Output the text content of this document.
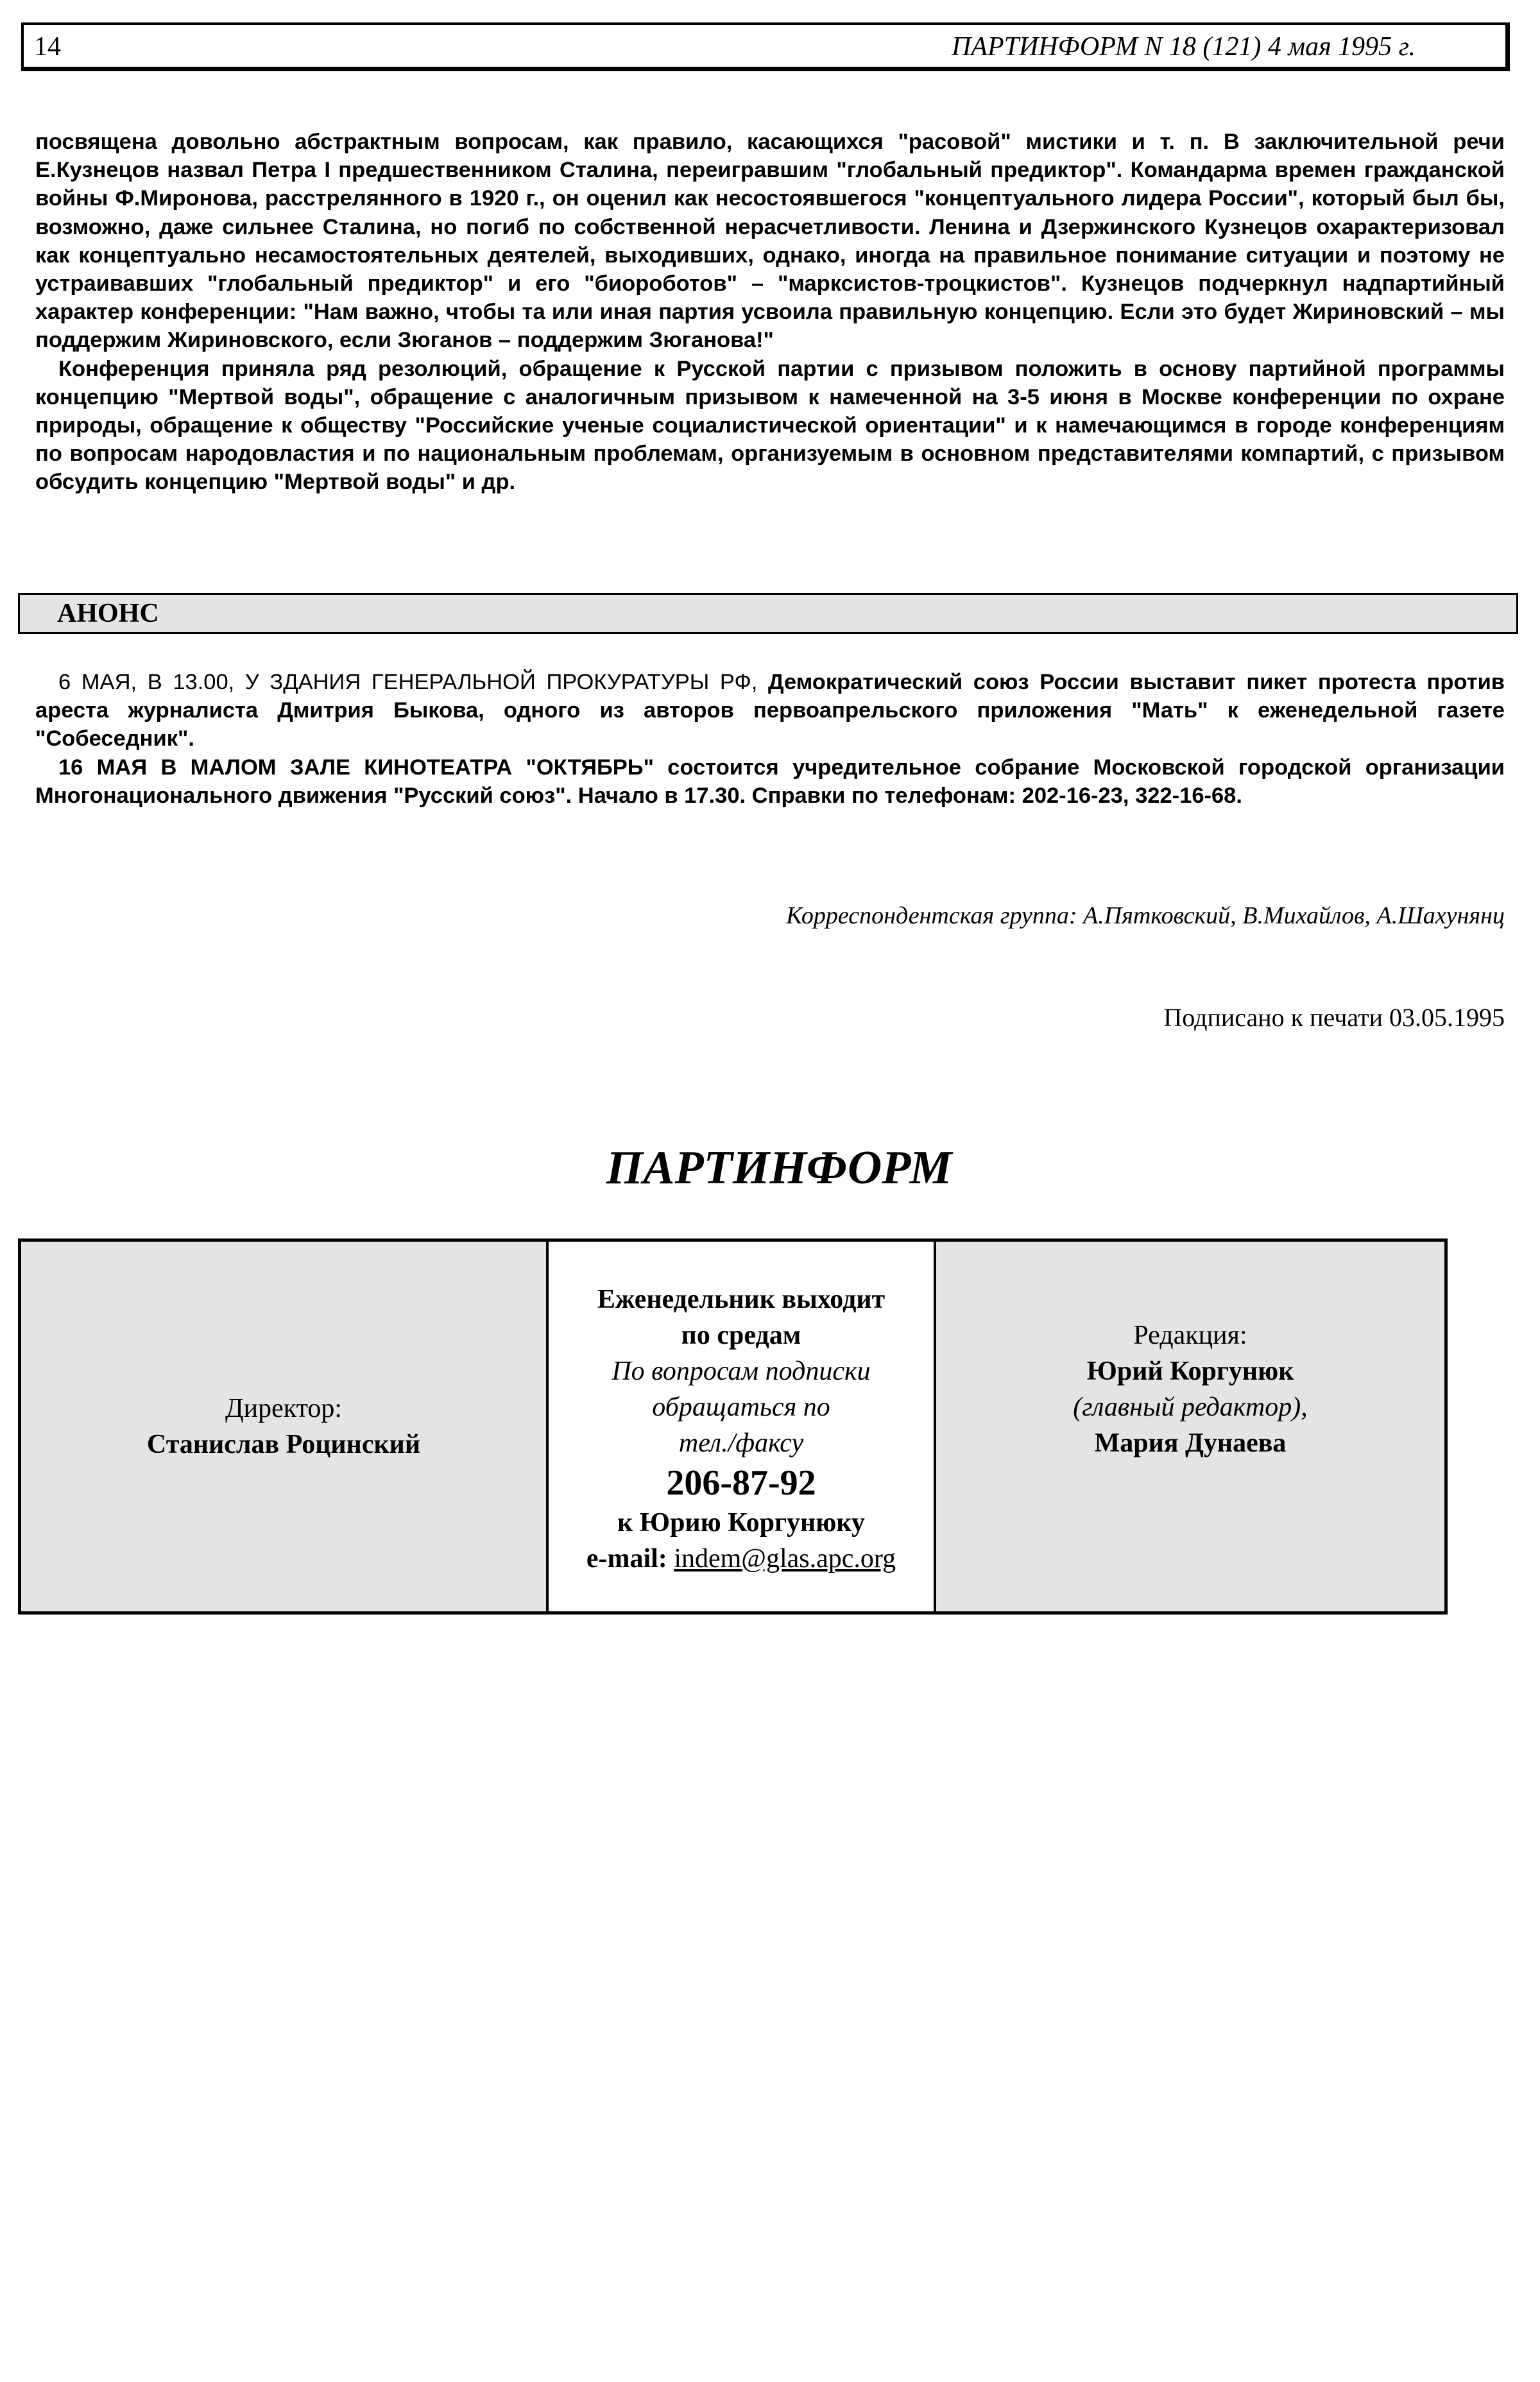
14	ПАРТИНФОРМ N 18 (121) 4 мая 1995 г.

посвящена довольно абстрактным вопросам, как правило, касающихся "расовой" мистики и т. п. В заключительной речи Е.Кузнецов назвал Петра I предшественником Сталина, переигравшим "глобальный предиктор". Командарма времен гражданской войны Ф.Миронова, расстрелянного в 1920 г., он оценил как несостоявшегося "концептуального лидера России", который был бы, возможно, даже сильнее Сталина, но погиб по собственной нерасчетливости. Ленина и Дзержинского Кузнецов охарактеризовал как концептуально несамостоятельных деятелей, выходивших, однако, иногда на правильное понимание ситуации и поэтому не устраивавших "глобальный предиктор" и его "биороботов" – "марксистов-троцкистов". Кузнецов подчеркнул надпартийный характер конференции: "Нам важно, чтобы та или иная партия усвоила правильную концепцию. Если это будет Жириновский – мы поддержим Жириновского, если Зюганов – поддержим Зюганова!"

Конференция приняла ряд резолюций, обращение к Русской партии с призывом положить в основу партийной программы концепцию "Мертвой воды", обращение с аналогичным призывом к намеченной на 3-5 июня в Москве конференции по охране природы, обращение к обществу "Российские ученые социалистической ориентации" и к намечающимся в городе конференциям по вопросам народовластия и по национальным проблемам, организуемым в основном представителями компартий, с призывом обсудить концепцию "Мертвой воды" и др.

АНОНС

6 МАЯ, В 13.00, У ЗДАНИЯ ГЕНЕРАЛЬНОЙ ПРОКУРАТУРЫ РФ, Демократический союз России выставит пикет протеста против ареста журналиста Дмитрия Быкова, одного из авторов первоапрельского приложения "Мать" к еженедельной газете "Собеседник".

16 МАЯ В МАЛОМ ЗАЛЕ КИНОТЕАТРА "ОКТЯБРЬ" состоится учредительное собрание Московской городской организации Многонационального движения "Русский союз". Начало в 17.30. Справки по телефонам: 202-16-23, 322-16-68.

Корреспондентская группа: А.Пятковский, В.Михайлов, А.Шахунянц
Подписано к печати 03.05.1995
ПАРТИНФОРМ
Директор:
Станислав Роцинский
Еженедельник выходит
по средам
По вопросам подписки
обращаться по
тел./факсу
206-87-92
к Юрию Коргунюку
e-mail: indem@glas.apc.org
Редакция:
Юрий Коргунюк
(главный редактор),
Мария Дунаева
